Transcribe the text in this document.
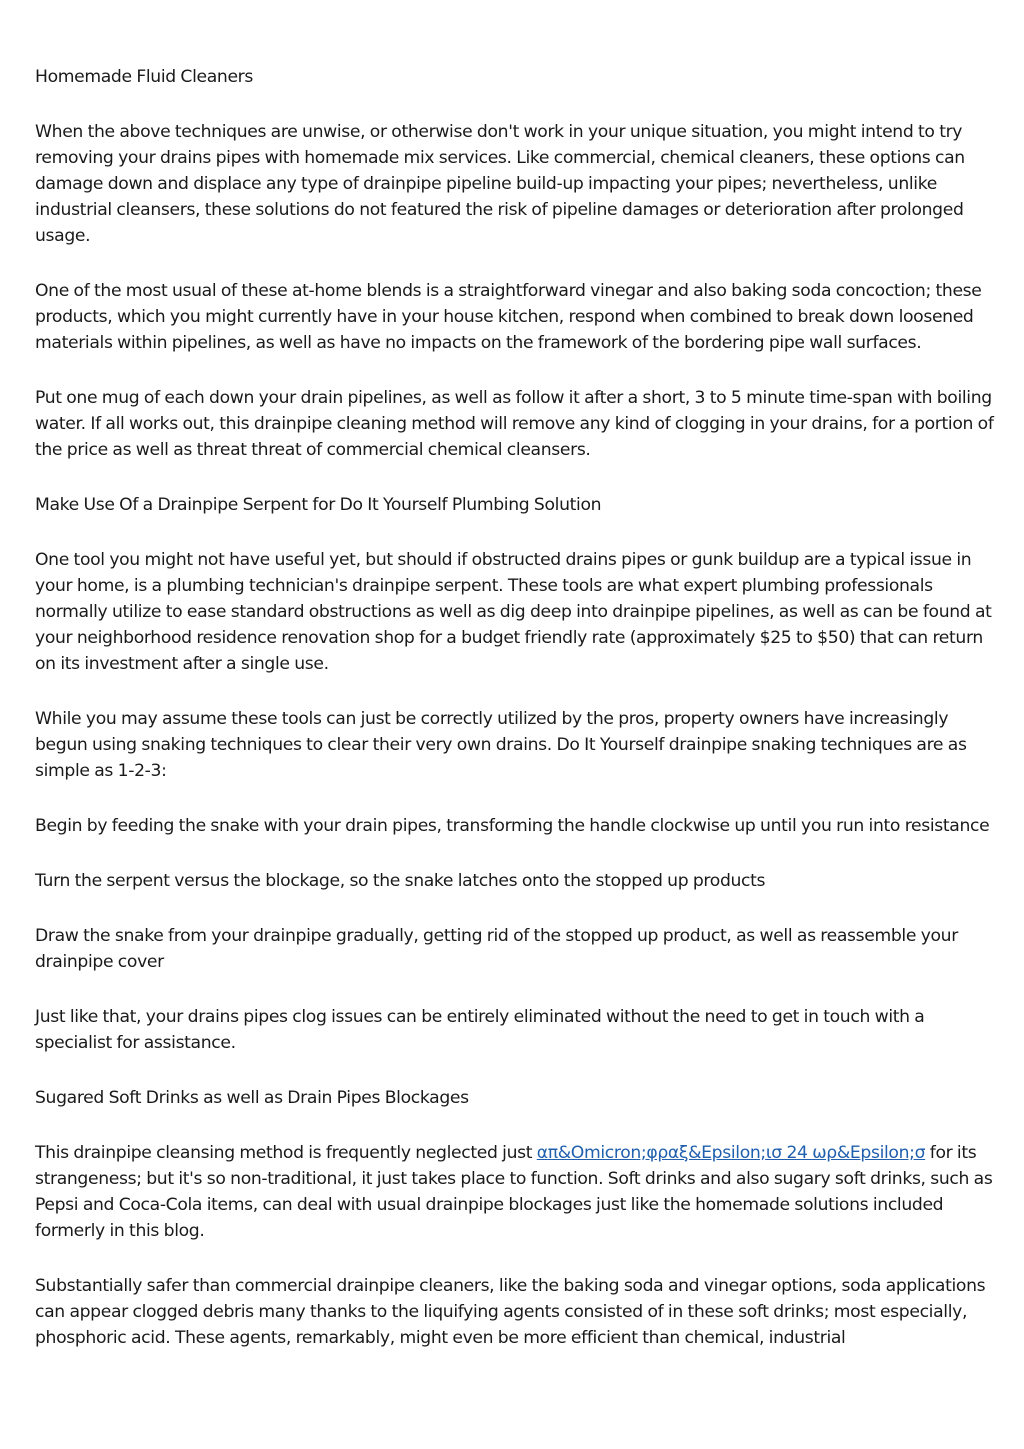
Homemade Fluid Cleaners

When the above techniques are unwise, or otherwise don't work in your unique situation, you might intend to try removing your drains pipes with homemade mix services. Like commercial, chemical cleaners, these options can damage down and displace any type of drainpipe pipeline build-up impacting your pipes; nevertheless, unlike industrial cleansers, these solutions do not featured the risk of pipeline damages or deterioration after prolonged usage.

One of the most usual of these at-home blends is a straightforward vinegar and also baking soda concoction; these products, which you might currently have in your house kitchen, respond when combined to break down loosened materials within pipelines, as well as have no impacts on the framework of the bordering pipe wall surfaces.

Put one mug of each down your drain pipelines, as well as follow it after a short, 3 to 5 minute time-span with boiling water. If all works out, this drainpipe cleaning method will remove any kind of clogging in your drains, for a portion of the price as well as threat threat of commercial chemical cleansers.

Make Use Of a Drainpipe Serpent for Do It Yourself Plumbing Solution

One tool you might not have useful yet, but should if obstructed drains pipes or gunk buildup are a typical issue in your home, is a plumbing technician's drainpipe serpent. These tools are what expert plumbing professionals normally utilize to ease standard obstructions as well as dig deep into drainpipe pipelines, as well as can be found at your neighborhood residence renovation shop for a budget friendly rate (approximately $25 to $50) that can return on its investment after a single use.

While you may assume these tools can just be correctly utilized by the pros, property owners have increasingly begun using snaking techniques to clear their very own drains. Do It Yourself drainpipe snaking techniques are as simple as 1-2-3:

Begin by feeding the snake with your drain pipes, transforming the handle clockwise up until you run into resistance

Turn the serpent versus the blockage, so the snake latches onto the stopped up products

Draw the snake from your drainpipe gradually, getting rid of the stopped up product, as well as reassemble your drainpipe cover

Just like that, your drains pipes clog issues can be entirely eliminated without the need to get in touch with a specialist for assistance.

Sugared Soft Drinks as well as Drain Pipes Blockages

This drainpipe cleansing method is frequently neglected just απ&Omicron;φραξ&Epsilon;ισ 24 ωρ&Epsilon;σ for its strangeness; but it's so non-traditional, it just takes place to function. Soft drinks and also sugary soft drinks, such as Pepsi and Coca-Cola items, can deal with usual drainpipe blockages just like the homemade solutions included formerly in this blog.

Substantially safer than commercial drainpipe cleaners, like the baking soda and vinegar options, soda applications can appear clogged debris many thanks to the liquifying agents consisted of in these soft drinks; most especially, phosphoric acid. These agents, remarkably, might even be more efficient than chemical, industrial
